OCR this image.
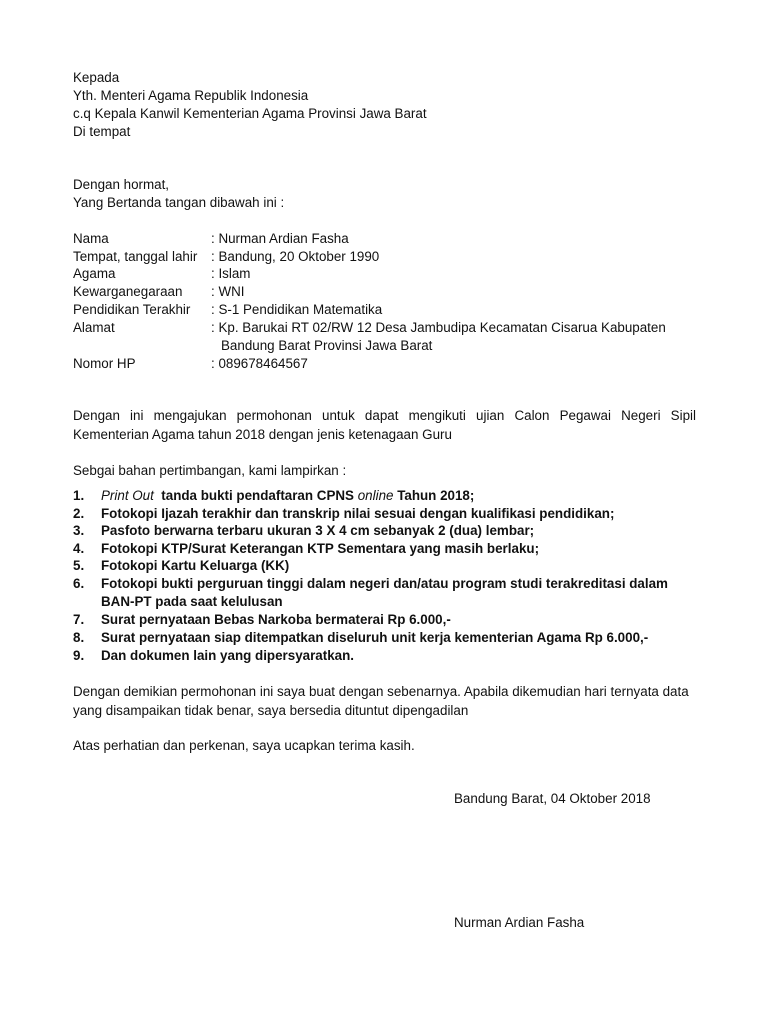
Kepada
Yth. Menteri Agama Republik Indonesia
c.q Kepala Kanwil Kementerian Agama Provinsi Jawa Barat
Di tempat
Dengan hormat,
Yang Bertanda tangan dibawah ini :
Nama	: Nurman Ardian Fasha
Tempat, tanggal lahir : Bandung, 20 Oktober 1990
Agama	: Islam
Kewarganegaraan : WNI
Pendidikan Terakhir : S-1 Pendidikan Matematika
Alamat	: Kp. Barukai RT 02/RW 12 Desa Jambudipa Kecamatan Cisarua Kabupaten
Bandung Barat Provinsi Jawa Barat
Nomor HP	: 089678464567
Dengan ini mengajukan permohonan untuk dapat mengikuti ujian Calon Pegawai Negeri Sipil Kementerian Agama tahun 2018 dengan jenis ketenagaan Guru
Sebgai bahan pertimbangan, kami lampirkan :
1. Print Out  tanda bukti pendaftaran CPNS online Tahun 2018;
2. Fotokopi Ijazah terakhir dan transkrip nilai sesuai dengan kualifikasi pendidikan;
3. Pasfoto berwarna terbaru ukuran 3 X 4 cm sebanyak 2 (dua) lembar;
4. Fotokopi KTP/Surat Keterangan KTP Sementara yang masih berlaku;
5. Fotokopi Kartu Keluarga (KK)
6. Fotokopi bukti perguruan tinggi dalam negeri dan/atau program studi terakreditasi dalam BAN-PT pada saat kelulusan
7. Surat pernyataan Bebas Narkoba bermaterai Rp 6.000,-
8. Surat pernyataan siap ditempatkan diseluruh unit kerja kementerian Agama Rp 6.000,-
9. Dan dokumen lain yang dipersyaratkan.
Dengan demikian permohonan ini saya buat dengan sebenarnya. Apabila dikemudian hari ternyata data yang disampaikan tidak benar, saya bersedia dituntut dipengadilan
Atas perhatian dan perkenan, saya ucapkan terima kasih.
Bandung Barat, 04 Oktober 2018
Nurman Ardian Fasha
